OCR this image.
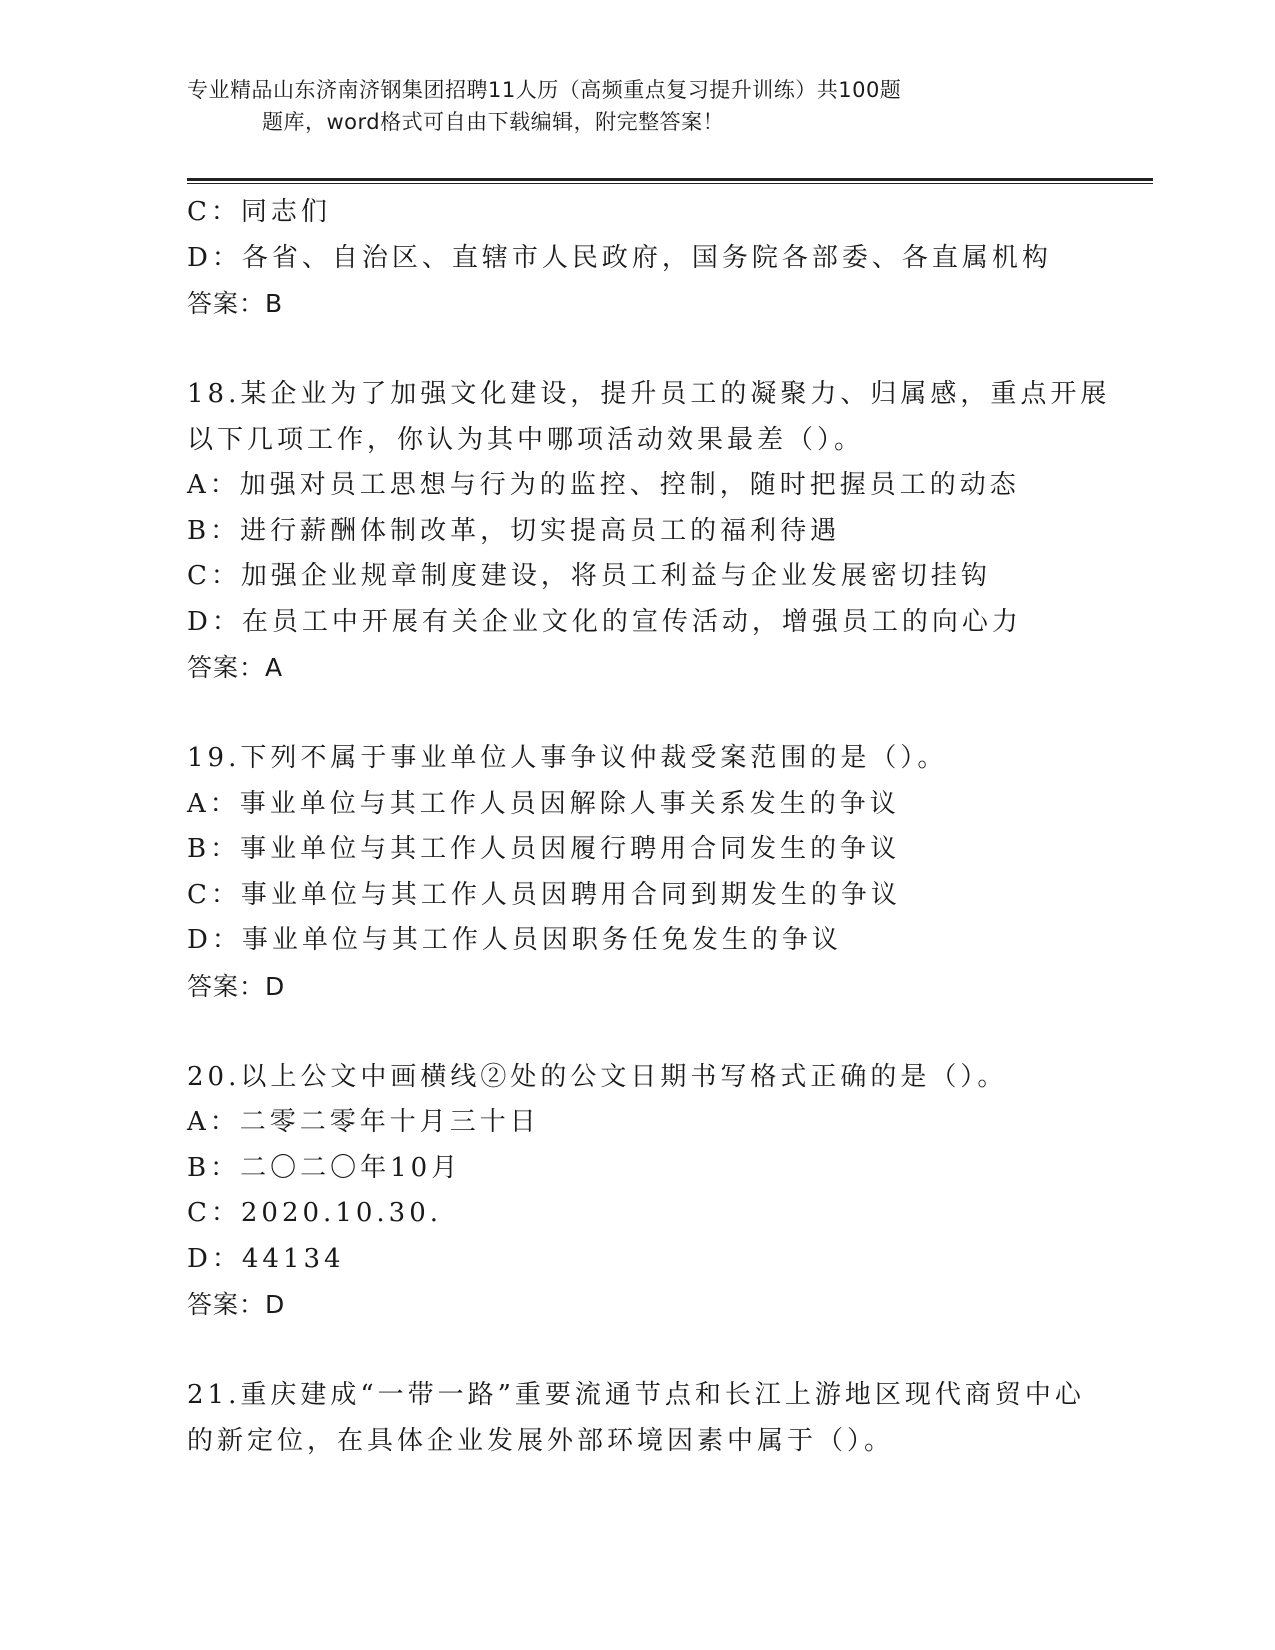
专业精品山东济南济钢集团招聘11人历（高频重点复习提升训练）共100题
题库，word格式可自由下载编辑，附完整答案！
C：同志们
D：各省、自治区、直辖市人民政府，国务院各部委、各直属机构
答案：B
18.某企业为了加强文化建设，提升员工的凝聚力、归属感，重点开展
以下几项工作，你认为其中哪项活动效果最差（）。
A：加强对员工思想与行为的监控、控制，随时把握员工的动态
B：进行薪酬体制改革，切实提高员工的福利待遇
C：加强企业规章制度建设，将员工利益与企业发展密切挂钩
D：在员工中开展有关企业文化的宣传活动，增强员工的向心力
答案：A
19.下列不属于事业单位人事争议仲裁受案范围的是（）。
A：事业单位与其工作人员因解除人事关系发生的争议
B：事业单位与其工作人员因履行聘用合同发生的争议
C：事业单位与其工作人员因聘用合同到期发生的争议
D：事业单位与其工作人员因职务任免发生的争议
答案：D
20.以上公文中画横线②处的公文日期书写格式正确的是（）。
A：二零二零年十月三十日
B：二〇二〇年10月
C：2020.10.30.
D：44134
答案：D
21.重庆建成“一带一路”重要流通节点和长江上游地区现代商贸中心
的新定位，在具体企业发展外部环境因素中属于（）。
